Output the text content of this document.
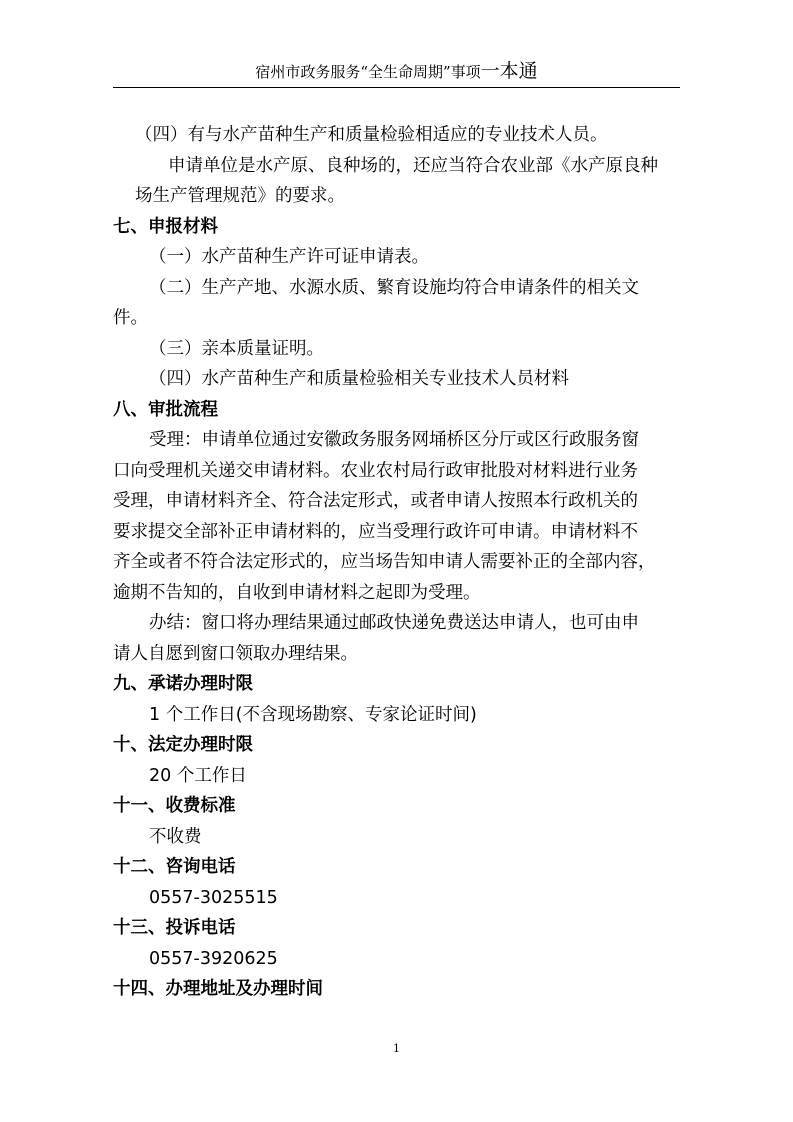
宿州市政务服务“全生命周期”事项一本通
（四）有与水产苗种生产和质量检验相适应的专业技术人员。
申请单位是水产原、良种场的，还应当符合农业部《水产原良种
场生产管理规范》的要求。
七、申报材料
（一）水产苗种生产许可证申请表。
（二）生产产地、水源水质、繁育设施均符合申请条件的相关文
件。
（三）亲本质量证明。
（四）水产苗种生产和质量检验相关专业技术人员材料
八、审批流程
受理：申请单位通过安徽政务服务网埇桥区分厅或区行政服务窗
口向受理机关递交申请材料。农业农村局行政审批股对材料进行业务
受理，申请材料齐全、符合法定形式，或者申请人按照本行政机关的
要求提交全部补正申请材料的，应当受理行政许可申请。申请材料不
齐全或者不符合法定形式的，应当场告知申请人需要补正的全部内容，
逾期不告知的，自收到申请材料之起即为受理。
办结：窗口将办理结果通过邮政快递免费送达申请人，也可由申
请人自愿到窗口领取办理结果。
九、承诺办理时限
1 个工作日(不含现场勘察、专家论证时间)
十、法定办理时限
20 个工作日
十一、收费标准
不收费
十二、咨询电话
0557-3025515
十三、投诉电话
0557-3920625
十四、办理地址及办理时间
1
